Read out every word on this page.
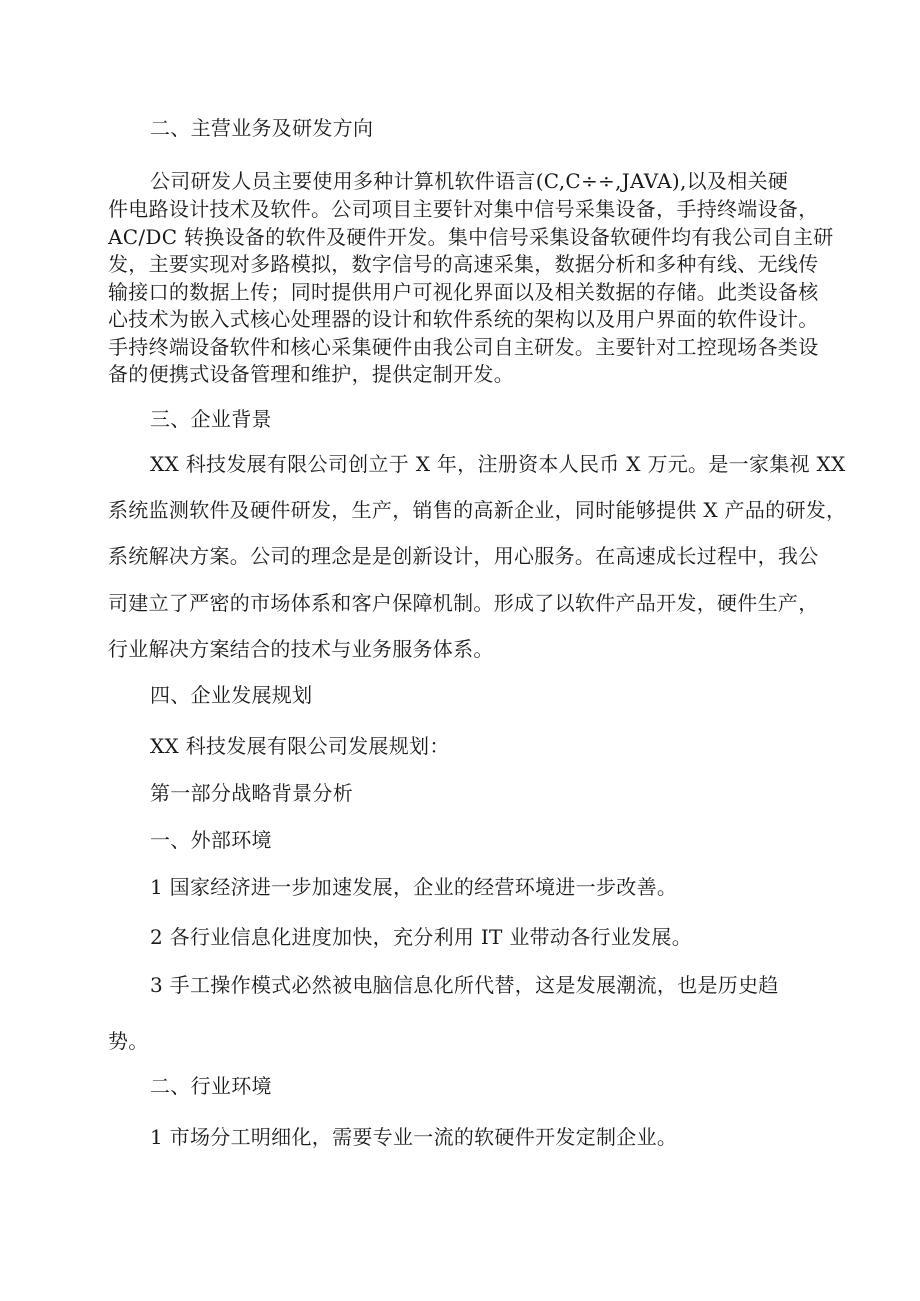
二、主营业务及研发方向
公司研发人员主要使用多种计算机软件语言(C,C÷÷,JAVA),以及相关硬
件电路设计技术及软件。公司项目主要针对集中信号采集设备，手持终端设备，
AC/DC 转换设备的软件及硬件开发。集中信号采集设备软硬件均有我公司自主研
发，主要实现对多路模拟，数字信号的高速采集，数据分析和多种有线、无线传
输接口的数据上传；同时提供用户可视化界面以及相关数据的存储。此类设备核
心技术为嵌入式核心处理器的设计和软件系统的架构以及用户界面的软件设计。
手持终端设备软件和核心采集硬件由我公司自主研发。主要针对工控现场各类设
备的便携式设备管理和维护，提供定制开发。
三、企业背景
XX 科技发展有限公司创立于 X 年，注册资本人民币 X 万元。是一家集视 XX
系统监测软件及硬件研发，生产，销售的高新企业，同时能够提供 X 产品的研发，
系统解决方案。公司的理念是是创新设计，用心服务。在高速成长过程中，我公
司建立了严密的市场体系和客户保障机制。形成了以软件产品开发，硬件生产，
行业解决方案结合的技术与业务服务体系。
四、企业发展规划
XX 科技发展有限公司发展规划：
第一部分战略背景分析
一、外部环境
1 国家经济进一步加速发展，企业的经营环境进一步改善。
2 各行业信息化进度加快，充分利用 IT 业带动各行业发展。
3 手工操作模式必然被电脑信息化所代替，这是发展潮流，也是历史趋
势。
二、行业环境
1 市场分工明细化，需要专业一流的软硬件开发定制企业。
